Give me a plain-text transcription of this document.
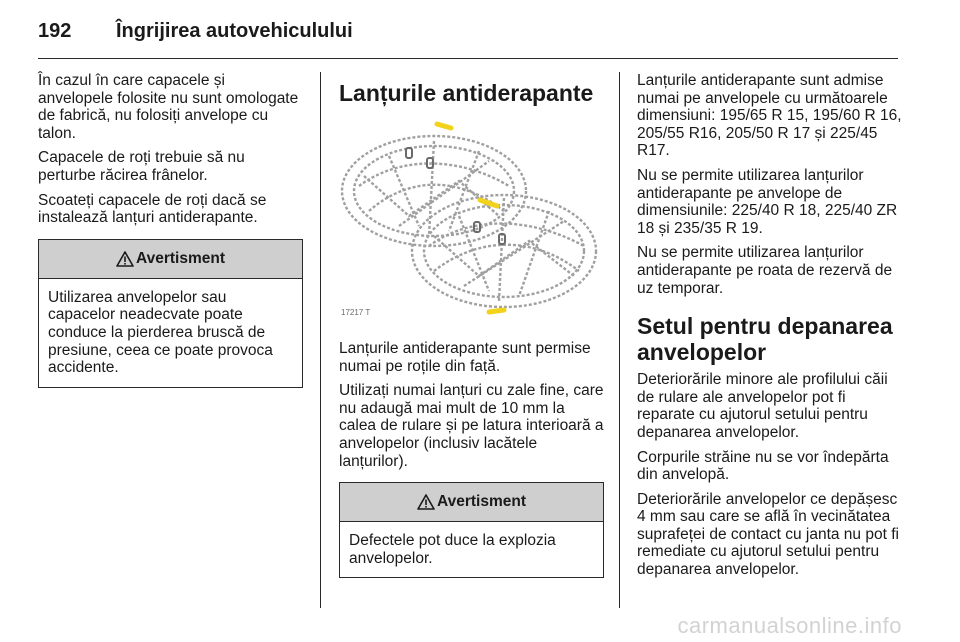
192 Îngrijirea autovehiculului

În cazul în care capacele și anvelopele folosite nu sunt omologate de fabrică, nu folosiți anvelope cu talon.

Capacele de roți trebuie să nu perturbe răcirea frânelor.

Scoateți capacele de roți dacă se instalează lanțuri antiderapante.

Avertisment
Utilizarea anvelopelor sau capacelor neadecvate poate conduce la pierderea bruscă de presiune, ceea ce poate provoca accidente.
Lanțurile antiderapante
17217 T

Lanțurile antiderapante sunt permise numai pe roțile din față.

Utilizați numai lanțuri cu zale fine, care nu adaugă mai mult de 10 mm la calea de rulare și pe latura interioară a anvelopelor (inclusiv lacătele lanțurilor).

Avertisment
Defectele pot duce la explozia anvelopelor.

Lanțurile antiderapante sunt admise numai pe anvelopele cu următoarele dimensiuni: 195/65 R 15, 195/60 R 16, 205/55 R16, 205/50 R 17 și 225/45 R17.

Nu se permite utilizarea lanțurilor antiderapante pe anvelope de dimensiunile: 225/40 R 18, 225/40 ZR 18 și 235/35 R 19.

Nu se permite utilizarea lanțurilor antiderapante pe roata de rezervă de uz temporar.

Setul pentru depanarea anvelopelor

Deteriorările minore ale profilului căii de rulare ale anvelopelor pot fi reparate cu ajutorul setului pentru depanarea anvelopelor.

Corpurile străine nu se vor îndepărta din anvelopă.

Deteriorările anvelopelor ce depășesc 4 mm sau care se află în vecinătatea suprafeței de contact cu janta nu pot fi remediate cu ajutorul setului pentru depanarea anvelopelor.

carmanualsonline.info
